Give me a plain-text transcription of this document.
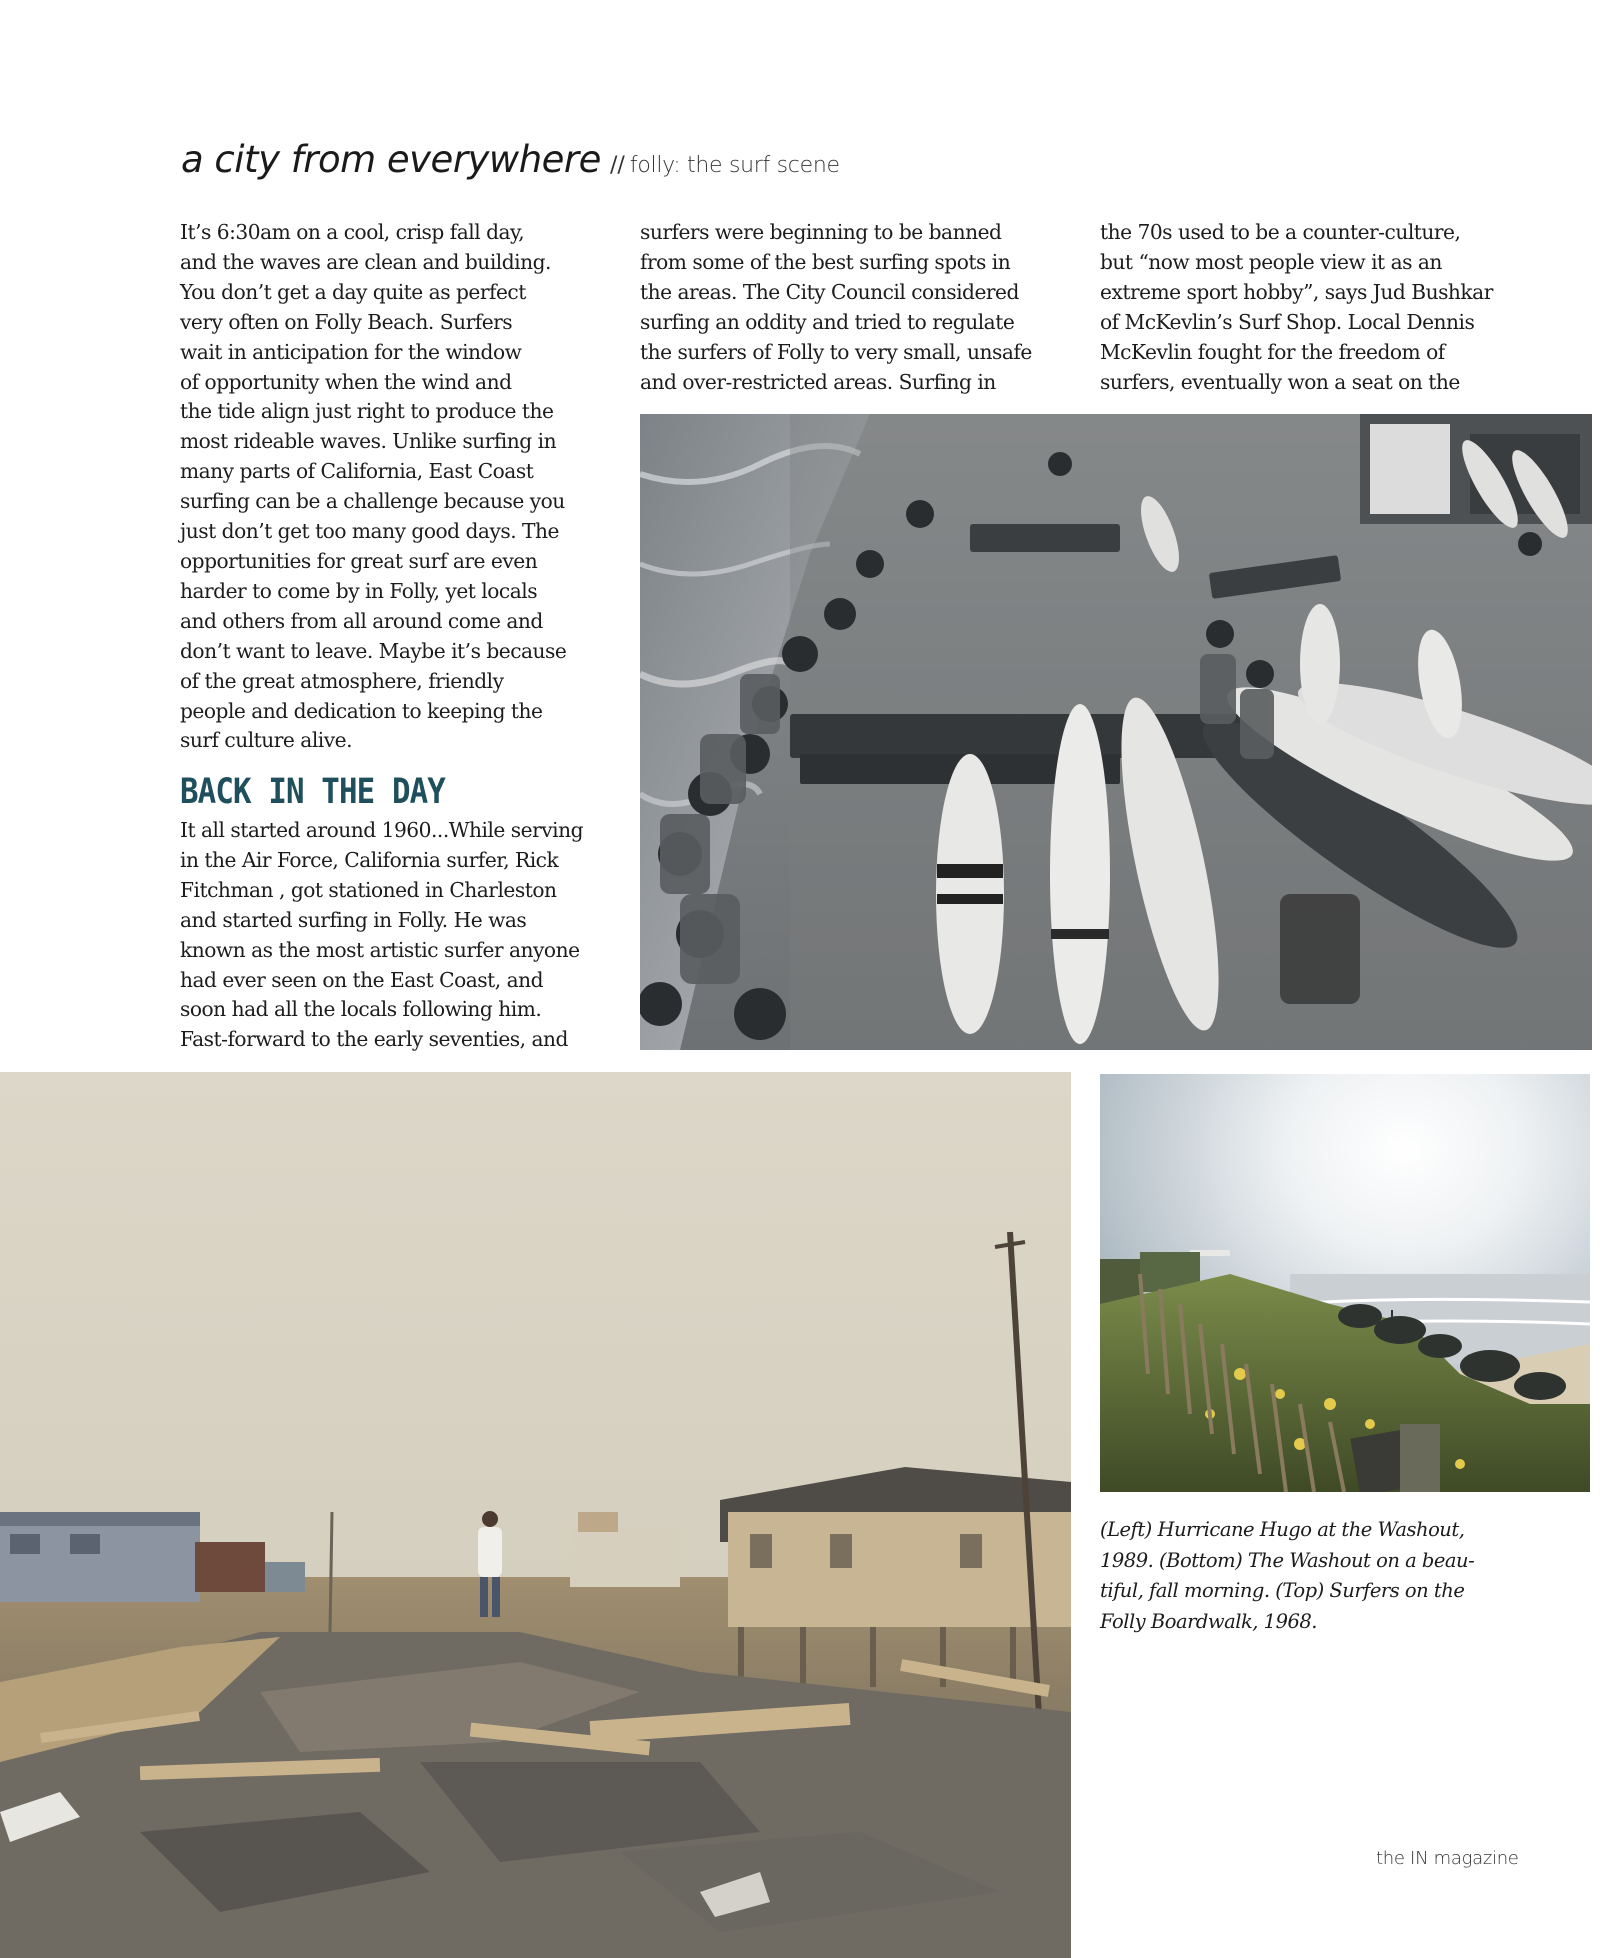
a city from everywhere // folly: the surf scene
It’s 6:30am on a cool, crisp fall day,
and the waves are clean and building.
You don’t get a day quite as perfect
very often on Folly Beach. Surfers
wait in anticipation for the window
of opportunity when the wind and
the tide align just right to produce the
most rideable waves. Unlike surfing in
many parts of California, East Coast
surfing can be a challenge because you
just don’t get too many good days. The
opportunities for great surf are even
harder to come by in Folly, yet locals
and others from all around come and
don’t want to leave. Maybe it’s because
of the great atmosphere, friendly
people and dedication to keeping the
surf culture alive.
BACK IN THE DAY
It all started around 1960...While serving
in the Air Force, California surfer, Rick
Fitchman , got stationed in Charleston
and started surfing in Folly. He was
known as the most artistic surfer anyone
had ever seen on the East Coast, and
soon had all the locals following him.
Fast-forward to the early seventies, and
surfers were beginning to be banned
from some of the best surfing spots in
the areas. The City Council considered
surfing an oddity and tried to regulate
the surfers of Folly to very small, unsafe
and over-restricted areas. Surfing in
the 70s used to be a counter-culture,
but “now most people view it as an
extreme sport hobby”, says Jud Bushkar
of McKevlin’s Surf Shop. Local Dennis
McKevlin fought for the freedom of
surfers, eventually won a seat on the
(Left) Hurricane Hugo at the Washout,
1989. (Bottom) The Washout on a beau-
tiful, fall morning. (Top) Surfers on the
Folly Boardwalk, 1968.
the IN magazine
